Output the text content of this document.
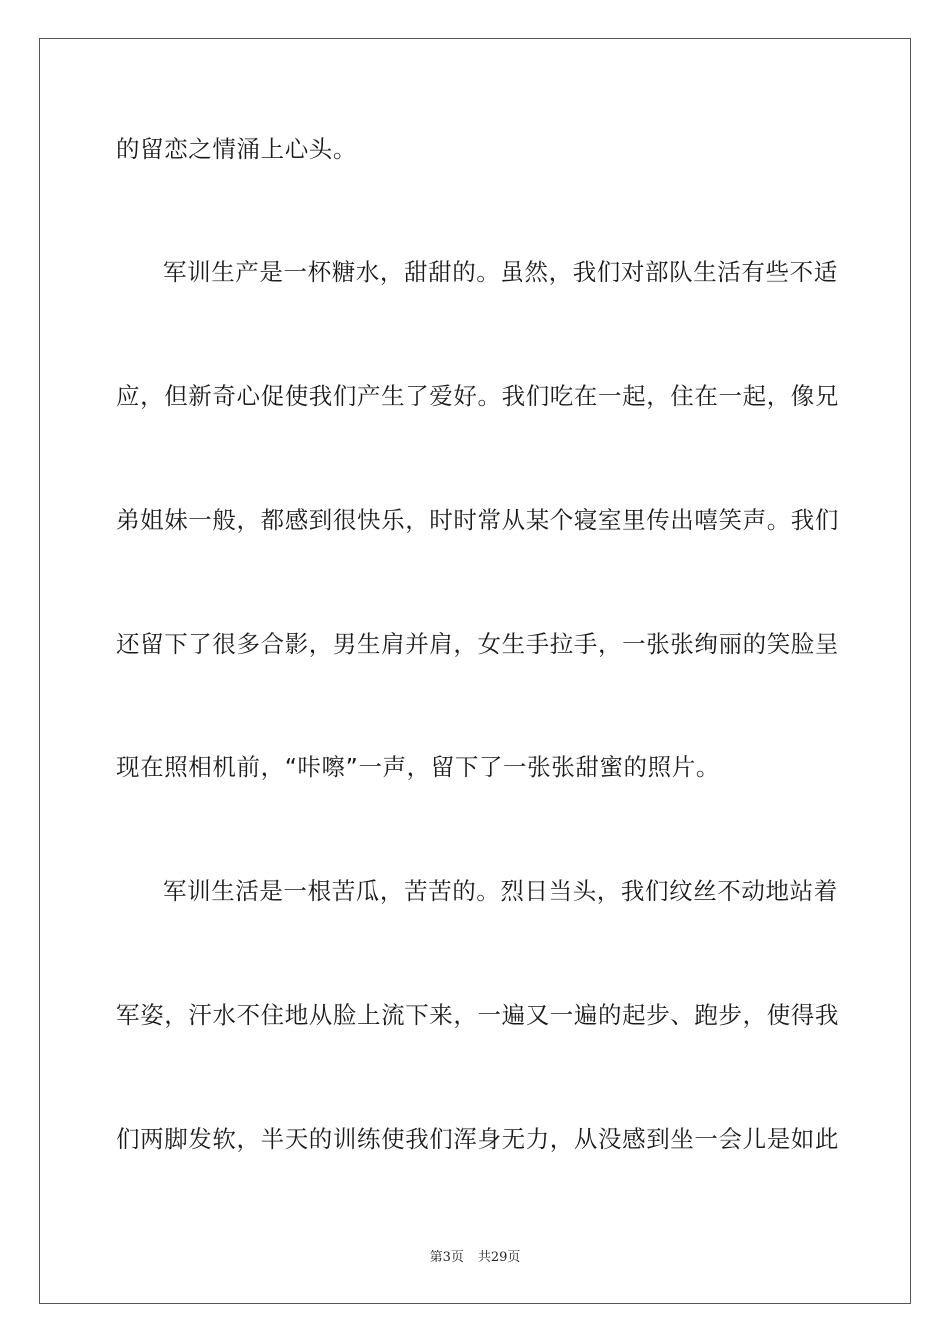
的留恋之情涌上心头。
军训生产是一杯糖水，甜甜的。虽然，我们对部队生活有些不适
应，但新奇心促使我们产生了爱好。我们吃在一起，住在一起，像兄
弟姐妹一般，都感到很快乐，时时常从某个寝室里传出嘻笑声。我们
还留下了很多合影，男生肩并肩，女生手拉手，一张张绚丽的笑脸呈
现在照相机前，“咔嚓”一声，留下了一张张甜蜜的照片。
军训生活是一根苦瓜，苦苦的。烈日当头，我们纹丝不动地站着
军姿，汗水不住地从脸上流下来，一遍又一遍的起步、跑步，使得我
们两脚发软，半天的训练使我们浑身无力，从没感到坐一会儿是如此
第3页 共29页
